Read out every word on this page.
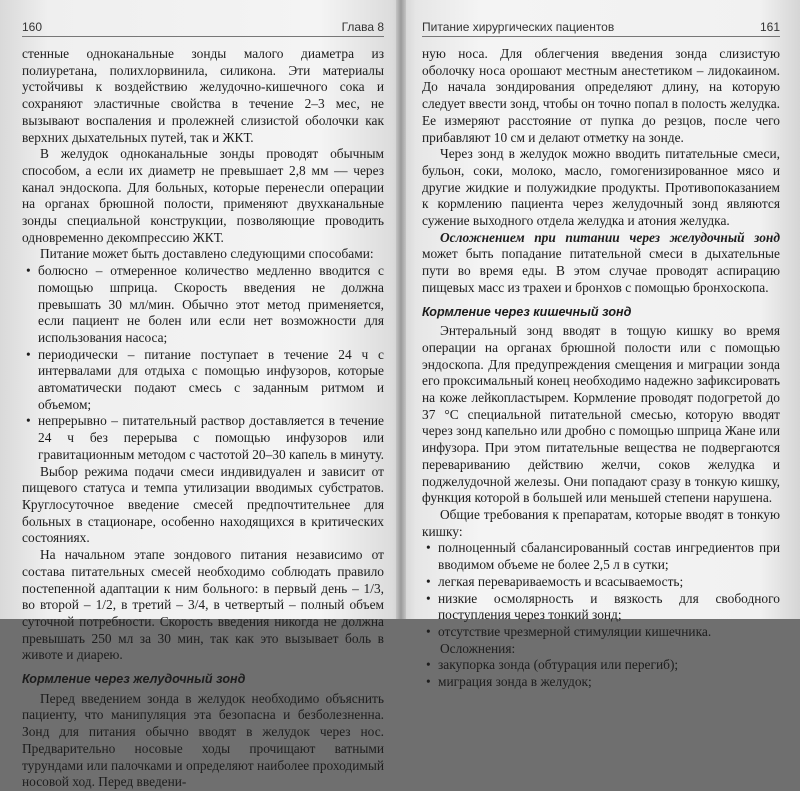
160	Глава 8

стенные одноканальные зонды малого диаметра из полиуретана, полихлорвинила, силикона. Эти материалы устойчивы к воздействию желудочно-кишечного сока и сохраняют эластичные свойства в течение 2–3 мес, не вызывают воспаления и пролежней слизистой оболочки как верхних дыхательных путей, так и ЖКТ.

В желудок одноканальные зонды проводят обычным способом, а если их диаметр не превышает 2,8 мм — через канал эндоскопа. Для больных, которые перенесли операции на органах брюшной полости, применяют двухканальные зонды специальной конструкции, позволяющие проводить одновременно декомпрессию ЖКТ.

Питание может быть доставлено следующими способами:

• болюсно – отмеренное количество медленно вводится с помощью шприца. Скорость введения не должна превышать 30 мл/мин. Обычно этот метод применяется, если пациент не болен или если нет возможности для использования насоса;
• периодически – питание поступает в течение 24 ч с интервалами для отдыха с помощью инфузоров, которые автоматически подают смесь с заданным ритмом и объемом;
• непрерывно – питательный раствор доставляется в течение 24 ч без перерыва с помощью инфузоров или гравитационным методом с частотой 20–30 капель в минуту.

Выбор режима подачи смеси индивидуален и зависит от пищевого статуса и темпа утилизации вводимых субстратов. Круглосуточное введение смесей предпочтительнее для больных в стационаре, особенно находящихся в критических состояниях.

На начальном этапе зондового питания независимо от состава питательных смесей необходимо соблюдать правило постепенной адаптации к ним больного: в первый день – 1/3, во второй – 1/2, в третий – 3/4, в четвертый – полный объем суточной потребности. Скорость введения никогда не должна превышать 250 мл за 30 мин, так как это вызывает боль в животе и диарею.

Кормление через желудочный зонд

Перед введением зонда в желудок необходимо объяснить пациенту, что манипуляция эта безопасна и безболезненна. Зонд для питания обычно вводят в желудок через нос. Предварительно носовые ходы прочищают ватными турундами или палочками и определяют наиболее проходимый носовой ход. Перед введени-

Питание хирургических пациентов	161

ную носа. Для облегчения введения зонда слизистую оболочку носа орошают местным анестетиком – лидокаином. До начала зондирования определяют длину, на которую следует ввести зонд, чтобы он точно попал в полость желудка. Ее измеряют расстояние от пупка до резцов, после чего прибавляют 10 см и делают отметку на зонде.

Через зонд в желудок можно вводить питательные смеси, бульон, соки, молоко, масло, гомогенизированное мясо и другие жидкие и полужидкие продукты. Противопоказанием к кормлению пациента через желудочный зонд являются сужение выходного отдела желудка и атония желудка.

Осложнением при питании через желудочный зонд может быть попадание питательной смеси в дыхательные пути во время еды. В этом случае проводят аспирацию пищевых масс из трахеи и бронхов с помощью бронхоскопа.

Кормление через кишечный зонд

Энтеральный зонд вводят в тощую кишку во время операции на органах брюшной полости или с помощью эндоскопа. Для предупреждения смещения и миграции зонда его проксимальный конец необходимо надежно зафиксировать на коже лейкопластырем. Кормление проводят подогретой до 37 °С специальной питательной смесью, которую вводят через зонд капельно или дробно с помощью шприца Жане или инфузора. При этом питательные вещества не подвергаются перевариванию действию желчи, соков желудка и поджелудочной железы. Они попадают сразу в тонкую кишку, функция которой в большей или меньшей степени нарушена.

Общие требования к препаратам, которые вводят в тонкую кишку:

• полноценный сбалансированный состав ингредиентов при вводимом объеме не более 2,5 л в сутки;
• легкая перевариваемость и всасываемость;
• низкие осмолярность и вязкость для свободного поступления через тонкий зонд;
• отсутствие чрезмерной стимуляции кишечника.

Осложнения:

• закупорка зонда (обтурация или перегиб);
• миграция зонда в желудок;
